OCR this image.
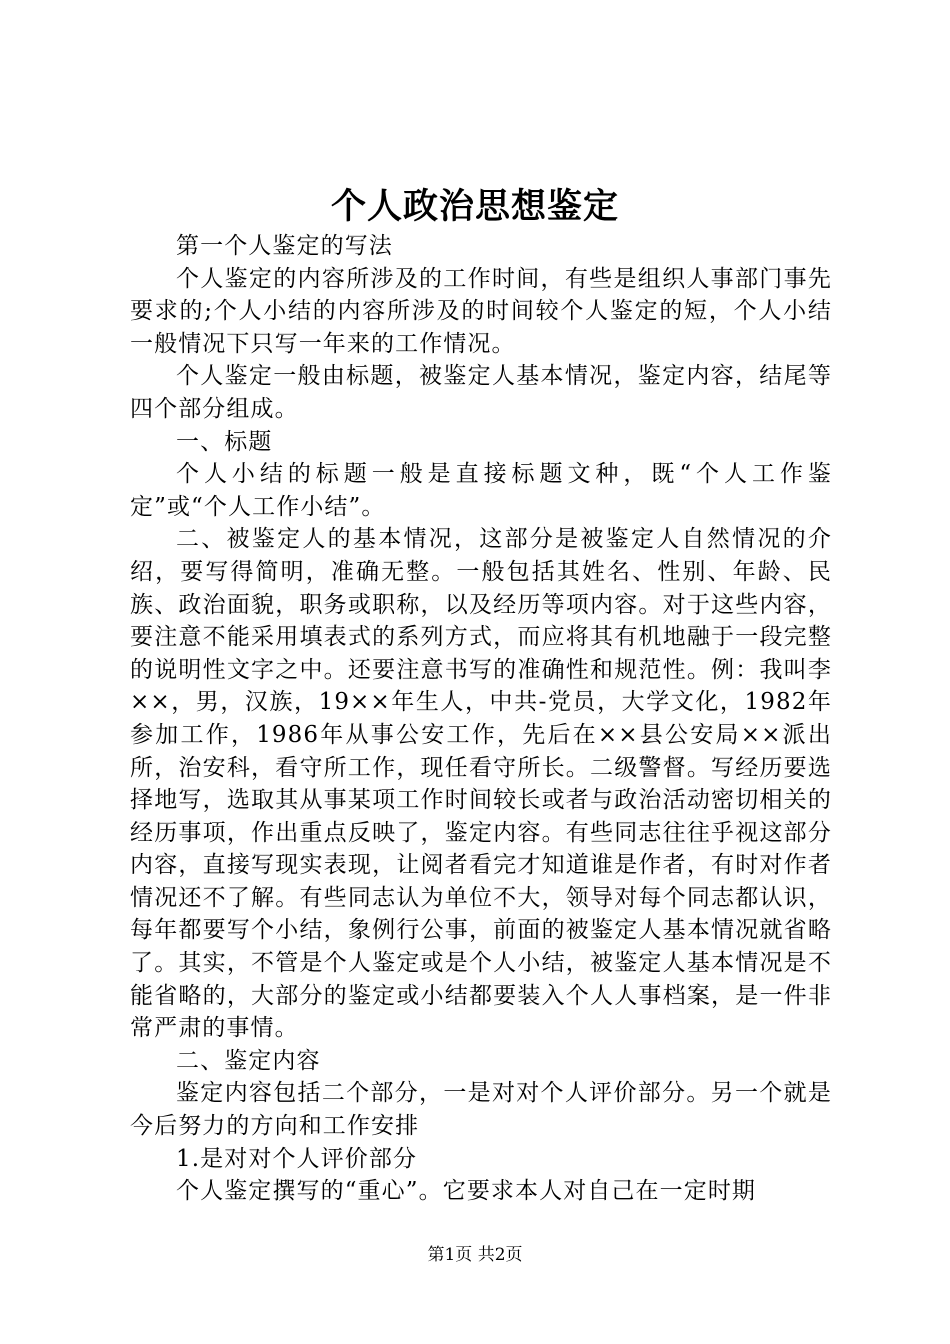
个人政治思想鉴定

第一个人鉴定的写法

个人鉴定的内容所涉及的工作时间，有些是组织人事部门事先要求的;个人小结的内容所涉及的时间较个人鉴定的短，个人小结一般情况下只写一年来的工作情况。

个人鉴定一般由标题，被鉴定人基本情况，鉴定内容，结尾等四个部分组成。

一、标题

个人小结的标题一般是直接标题文种，既“个人工作鉴定”或“个人工作小结”。

二、被鉴定人的基本情况，这部分是被鉴定人自然情况的介绍，要写得简明，准确无整。一般包括其姓名、性别、年龄、民族、政治面貌，职务或职称，以及经历等项内容。对于这些内容，要注意不能采用填表式的系列方式，而应将其有机地融于一段完整的说明性文字之中。还要注意书写的准确性和规范性。例：我叫李××，男，汉族，19××年生人，中共-党员，大学文化，1982年参加工作，1986年从事公安工作，先后在××县公安局××派出所，治安科，看守所工作，现任看守所长。二级警督。写经历要选择地写，选取其从事某项工作时间较长或者与政治活动密切相关的经历事项，作出重点反映了，鉴定内容。有些同志往往乎视这部分内容，直接写现实表现，让阅者看完才知道谁是作者，有时对作者情况还不了解。有些同志认为单位不大，领导对每个同志都认识，每年都要写个小结，象例行公事，前面的被鉴定人基本情况就省略了。其实，不管是个人鉴定或是个人小结，被鉴定人基本情况是不能省略的，大部分的鉴定或小结都要装入个人人事档案，是一件非常严肃的事情。

二、鉴定内容

鉴定内容包括二个部分，一是对对个人评价部分。另一个就是今后努力的方向和工作安排

1.是对对个人评价部分

个人鉴定撰写的“重心”。它要求本人对自己在一定时期

第1页 共2页
